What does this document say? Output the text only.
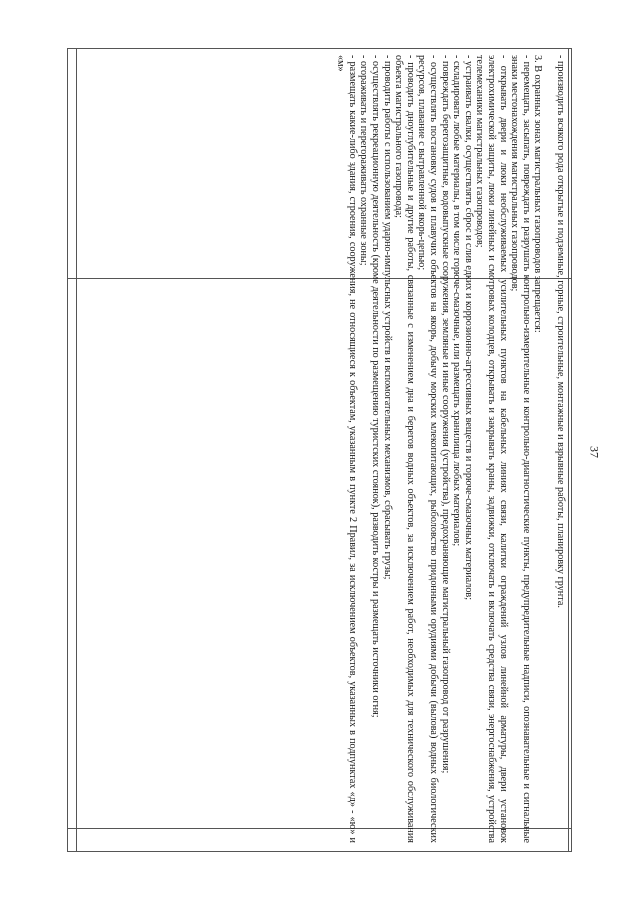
37

- производить всякого рода открытые и подземные, горные, строительные, монтажные и взрывные работы, планировку грунта.

3. В охранных зонах магистральных газопроводов запрещается:

- перемещать, засыпать, повреждать и разрушать контрольно-измерительные и контрольно-диагностические пункты, предупредительные надписи, опознавательные и сигнальные знаки местонахождения магистральных газопроводов;

- открывать двери и люки необслуживаемых усилительных пунктов на кабельных линиях связи, калитки ограждений узлов линейной арматуры, двери установок электрохимической защиты, люки линейных и смотровых колодцев, открывать и закрывать краны, задвижки, отключать и включать средства связи, энергоснабжения, устройства телемеханики магистральных газопроводов;

- устраивать свалки, осуществлять сброс и слив едких и коррозионно-агрессивных веществ и горюче-смазочных материалов;

- складировать любые материалы, в том числе горюче-смазочные, или размещать хранилища любых материалов;

- повреждать берегозащитные, водовыпускные сооружения, земляные и иные сооружения (устройства), предохраняющие магистральный газопровод от разрушения;

- осуществлять постановку судов и плавучих объектов на якорь, добычу морских млекопитающих, рыболовство придонными орудиями добычи (вылова) водных биологических ресурсов, плавание с вытравленной якорь-цепью;

- проводить дноуглубительные и другие работы, связанные с изменением дна и берегов водных объектов, за исключением работ, необходимых для технического обслуживания объекта магистрального газопровода;

- проводить работы с использованием ударно-импульсных устройств и вспомогательных механизмов, сбрасывать грузы;

- осуществлять рекреационную деятельность (кроме деятельности по размещению туристских стоянок), разводить костры и размещать источники огня;

- огораживать и перегораживать охранные зоны;

- размещать какие-либо здания, строения, сооружения, не относящиеся к объектам, указанным в пункте 2 Правил, за исключением объектов, указанных в подпунктах «д» - «ю» и «м»
